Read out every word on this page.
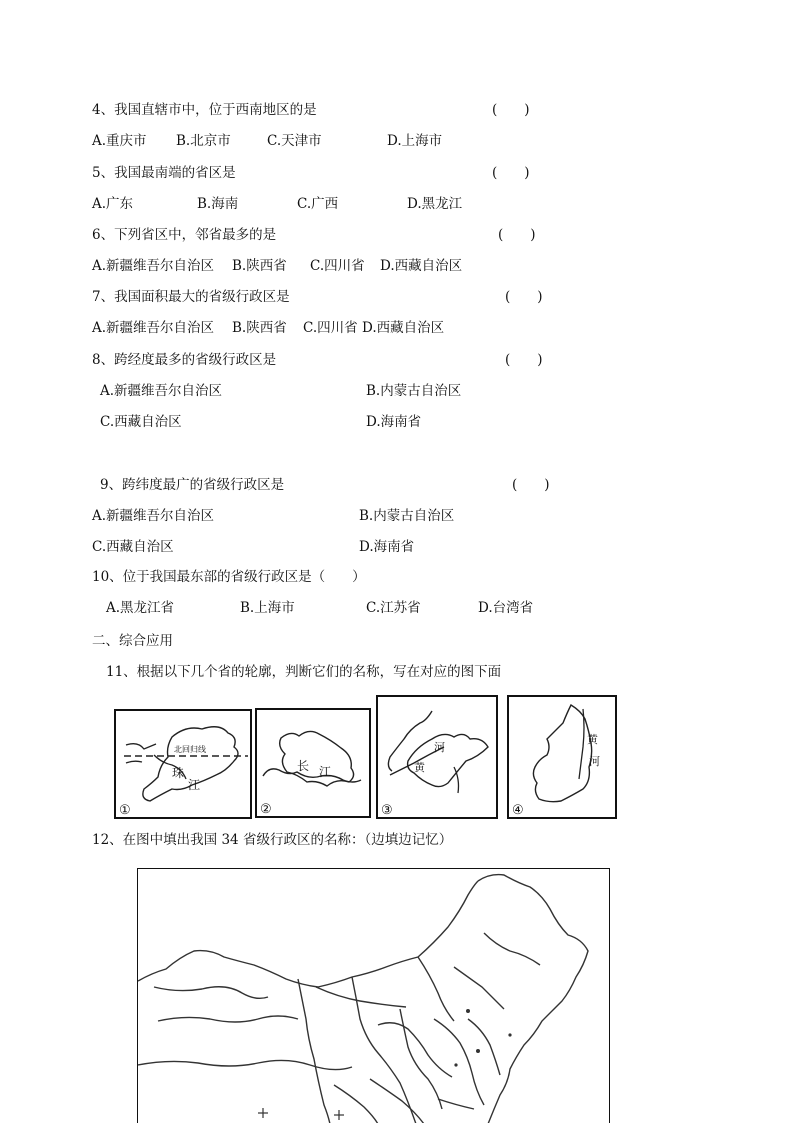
4、我国直辖市中，位于西南地区的是	(　　)
A.重庆市 B.北京市	C.天津市	D.上海市
5、我国最南端的省区是	(　　)
A.广东	B.海南	C.广西	D.黑龙江
6、下列省区中，邻省最多的是	(　　)
A.新疆维吾尔自治区 B.陕西省 C.四川省 D.西藏自治区
7、我国面积最大的省级行政区是	(　　)
A.新疆维吾尔自治区 B.陕西省 C.四川省 D.西藏自治区
8、跨经度最多的省级行政区是	(　　)
A.新疆维吾尔自治区	B.内蒙古自治区
C.西藏自治区	D.海南省
9、跨纬度最广的省级行政区是	(　　)
A.新疆维吾尔自治区	B.内蒙古自治区
C.西藏自治区	D.海南省
10、位于我国最东部的省级行政区是（　　）
A.黑龙江省	B.上海市	C.江苏省	D.台湾省
二、综合应用
11、根据以下几个省的轮廓，判断它们的名称，写在对应的图下面
北回归线
珠
江
①
长 江
②
河
黄
③
黄
河
④
12、在图中填出我国 34 省级行政区的名称：（边填边记忆）
